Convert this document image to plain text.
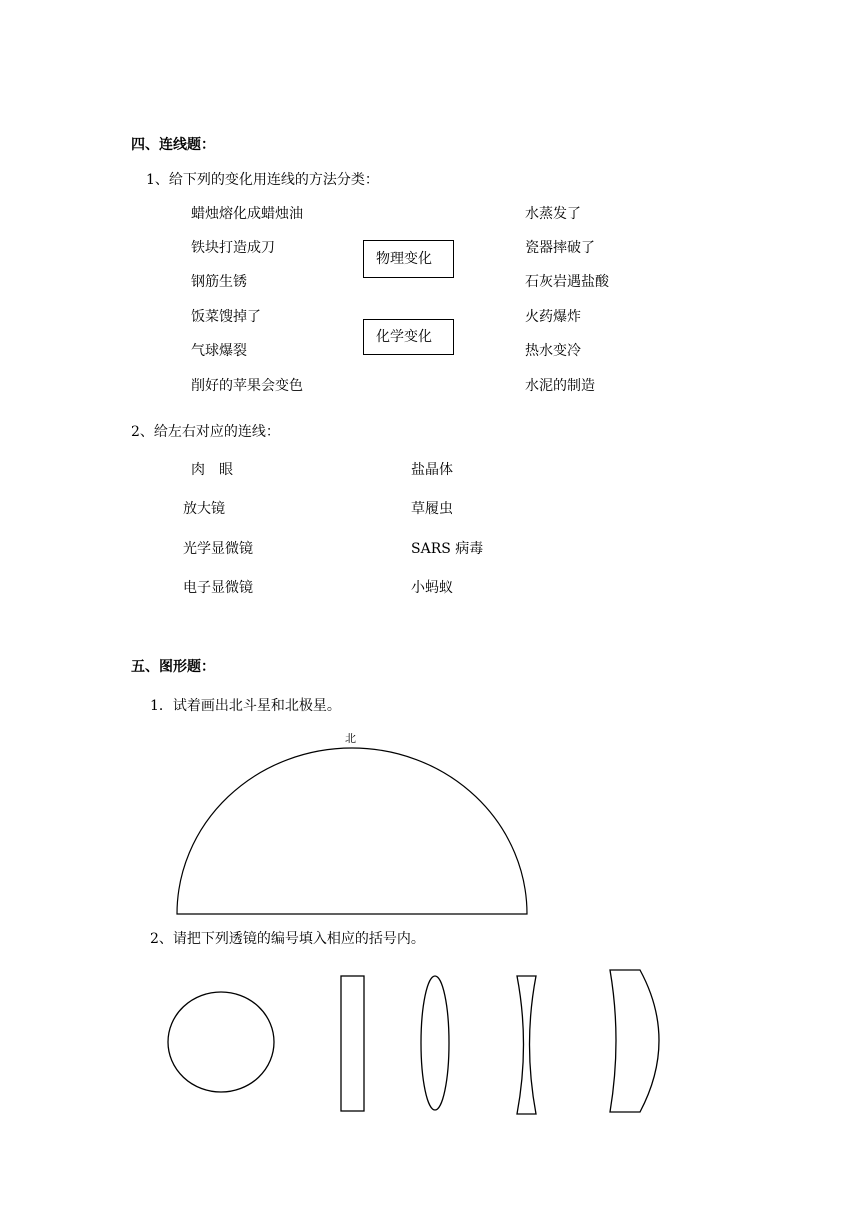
四、连线题：
1、给下列的变化用连线的方法分类：
蜡烛熔化成蜡烛油
铁块打造成刀
钢筋生锈
饭菜馊掉了
气球爆裂
削好的苹果会变色
物理变化
化学变化
水蒸发了
瓷器摔破了
石灰岩遇盐酸
火药爆炸
热水变冷
水泥的制造
2、给左右对应的连线：
肉　眼
放大镜
光学显微镜
电子显微镜
盐晶体
草履虫
SARS 病毒
小蚂蚁
五、图形题：
1．试着画出北斗星和北极星。
北
2、请把下列透镜的编号填入相应的括号内。
